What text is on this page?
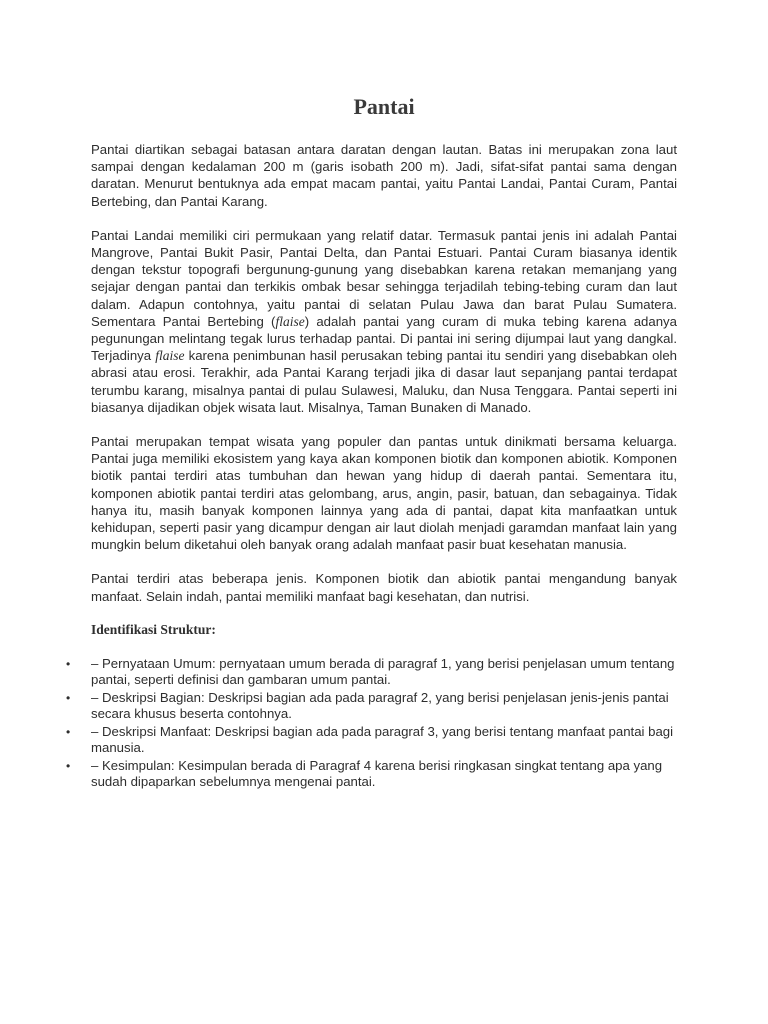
Pantai

Pantai diartikan sebagai batasan antara daratan dengan lautan. Batas ini merupakan zona laut sampai dengan kedalaman 200 m (garis isobath 200 m). Jadi, sifat-sifat pantai sama dengan daratan. Menurut bentuknya ada empat macam pantai, yaitu Pantai Landai, Pantai Curam, Pantai Bertebing, dan Pantai Karang.

Pantai Landai memiliki ciri permukaan yang relatif datar. Termasuk pantai jenis ini adalah Pantai Mangrove, Pantai Bukit Pasir, Pantai Delta, dan Pantai Estuari. Pantai Curam biasanya identik dengan tekstur topografi bergunung-gunung yang disebabkan karena retakan memanjang yang sejajar dengan pantai dan terkikis ombak besar sehingga terjadilah tebing-tebing curam dan laut dalam. Adapun contohnya, yaitu pantai di selatan Pulau Jawa dan barat Pulau Sumatera. Sementara Pantai Bertebing (flaise) adalah pantai yang curam di muka tebing karena adanya pegunungan melintang tegak lurus terhadap pantai. Di pantai ini sering dijumpai laut yang dangkal. Terjadinya flaise karena penimbunan hasil perusakan tebing pantai itu sendiri yang disebabkan oleh abrasi atau erosi. Terakhir, ada Pantai Karang terjadi jika di dasar laut sepanjang pantai terdapat terumbu karang, misalnya pantai di pulau Sulawesi, Maluku, dan Nusa Tenggara. Pantai seperti ini biasanya dijadikan objek wisata laut. Misalnya, Taman Bunaken di Manado.

Pantai merupakan tempat wisata yang populer dan pantas untuk dinikmati bersama keluarga. Pantai juga memiliki ekosistem yang kaya akan komponen biotik dan komponen abiotik. Komponen biotik pantai terdiri atas tumbuhan dan hewan yang hidup di daerah pantai. Sementara itu, komponen abiotik pantai terdiri atas gelombang, arus, angin, pasir, batuan, dan sebagainya. Tidak hanya itu, masih banyak komponen lainnya yang ada di pantai, dapat kita manfaatkan untuk kehidupan, seperti pasir yang dicampur dengan air laut diolah menjadi garamdan manfaat lain yang mungkin belum diketahui oleh banyak orang adalah manfaat pasir buat kesehatan manusia.

Pantai terdiri atas beberapa jenis. Komponen biotik dan abiotik pantai mengandung banyak manfaat. Selain indah, pantai memiliki manfaat bagi kesehatan, dan nutrisi.

Identifikasi Struktur:
• – Pernyataan Umum: pernyataan umum berada di paragraf 1, yang berisi penjelasan umum tentang pantai, seperti definisi dan gambaran umum pantai.
• – Deskripsi Bagian: Deskripsi bagian ada pada paragraf 2, yang berisi penjelasan jenis-jenis pantai secara khusus beserta contohnya.
• – Deskripsi Manfaat: Deskripsi bagian ada pada paragraf 3, yang berisi tentang manfaat pantai bagi manusia.
• – Kesimpulan: Kesimpulan berada di Paragraf 4 karena berisi ringkasan singkat tentang apa yang sudah dipaparkan sebelumnya mengenai pantai.
